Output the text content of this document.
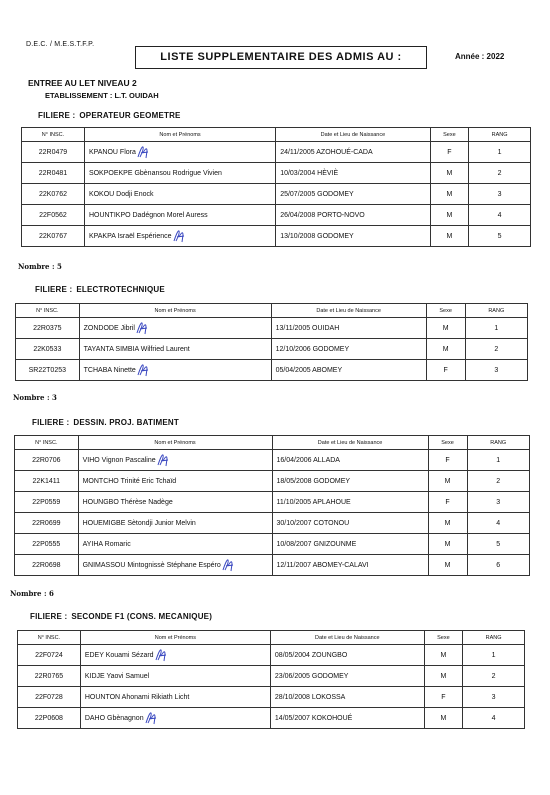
D.E.C. / M.E.S.T.F.P.
LISTE SUPPLEMENTAIRE DES ADMIS AU :	Année : 2022
ENTREE AU LET NIVEAU 2
ETABLISSEMENT : L.T. OUIDAH
FILIERE : OPERATEUR GEOMETRE
N° INSC.	Nom et Prénoms	Date et Lieu de Naissance	Sexe	RANG
22R0479	KPANOU Flora	24/11/2005 AZOHOUÉ-CADA	F	1
22R0481	SOKPOEKPE Gbènansou Rodrigue Vivien	10/03/2004 HÈVIÈ	M	2
22K0762	KOKOU Dodji Enock	25/07/2005 GODOMEY	M	3
22F0562	HOUNTIKPO Dadégnon Morel Auress	26/04/2008 PORTO-NOVO	M	4
22K0767	KPAKPA Israël Espérience	13/10/2008 GODOMEY	M	5
Nombre : 5
FILIERE : ELECTROTECHNIQUE
N° INSC.	Nom et Prénoms	Date et Lieu de Naissance	Sexe	RANG
22R0375	ZONDODE Jibril	13/11/2005 OUIDAH	M	1
22K0533	TAYANTA SIMBIA Wilfried Laurent	12/10/2006 GODOMEY	M	2
SR22T0253	TCHABA Ninette	05/04/2005 ABOMEY	F	3
Nombre : 3
FILIERE : DESSIN. PROJ. BATIMENT
N° INSC.	Nom et Prénoms	Date et Lieu de Naissance	Sexe	RANG
22R0706	VIHO Vignon Pascaline	16/04/2006 ALLADA	F	1
22K1411	MONTCHO Trinité Eric Tchaïd	18/05/2008 GODOMEY	M	2
22P0559	HOUNGBO Thérèse Nadège	11/10/2005 APLAHOUE	F	3
22R0699	HOUEMIGBE Sètondji Junior Melvin	30/10/2007 COTONOU	M	4
22P0555	AYIHA Romaric	10/08/2007 GNIZOUNME	M	5
22R0698	GNIMASSOU Mintognissè Stéphane Espéro	12/11/2007 ABOMEY-CALAVI	M	6
Nombre : 6
FILIERE : SECONDE F1 (CONS. MECANIQUE)
N° INSC.	Nom et Prénoms	Date et Lieu de Naissance	Sexe	RANG
22F0724	EDEY Kouami Sézard	08/05/2004 ZOUNGBO	M	1
22R0765	KIDJE Yaovi Samuel	23/06/2005 GODOMEY	M	2
22F0728	HOUNTON Ahonami Rikiath Licht	28/10/2008 LOKOSSA	F	3
22P0608	DAHO Gbènagnon	14/05/2007 KOKOHOUÉ	M	4
